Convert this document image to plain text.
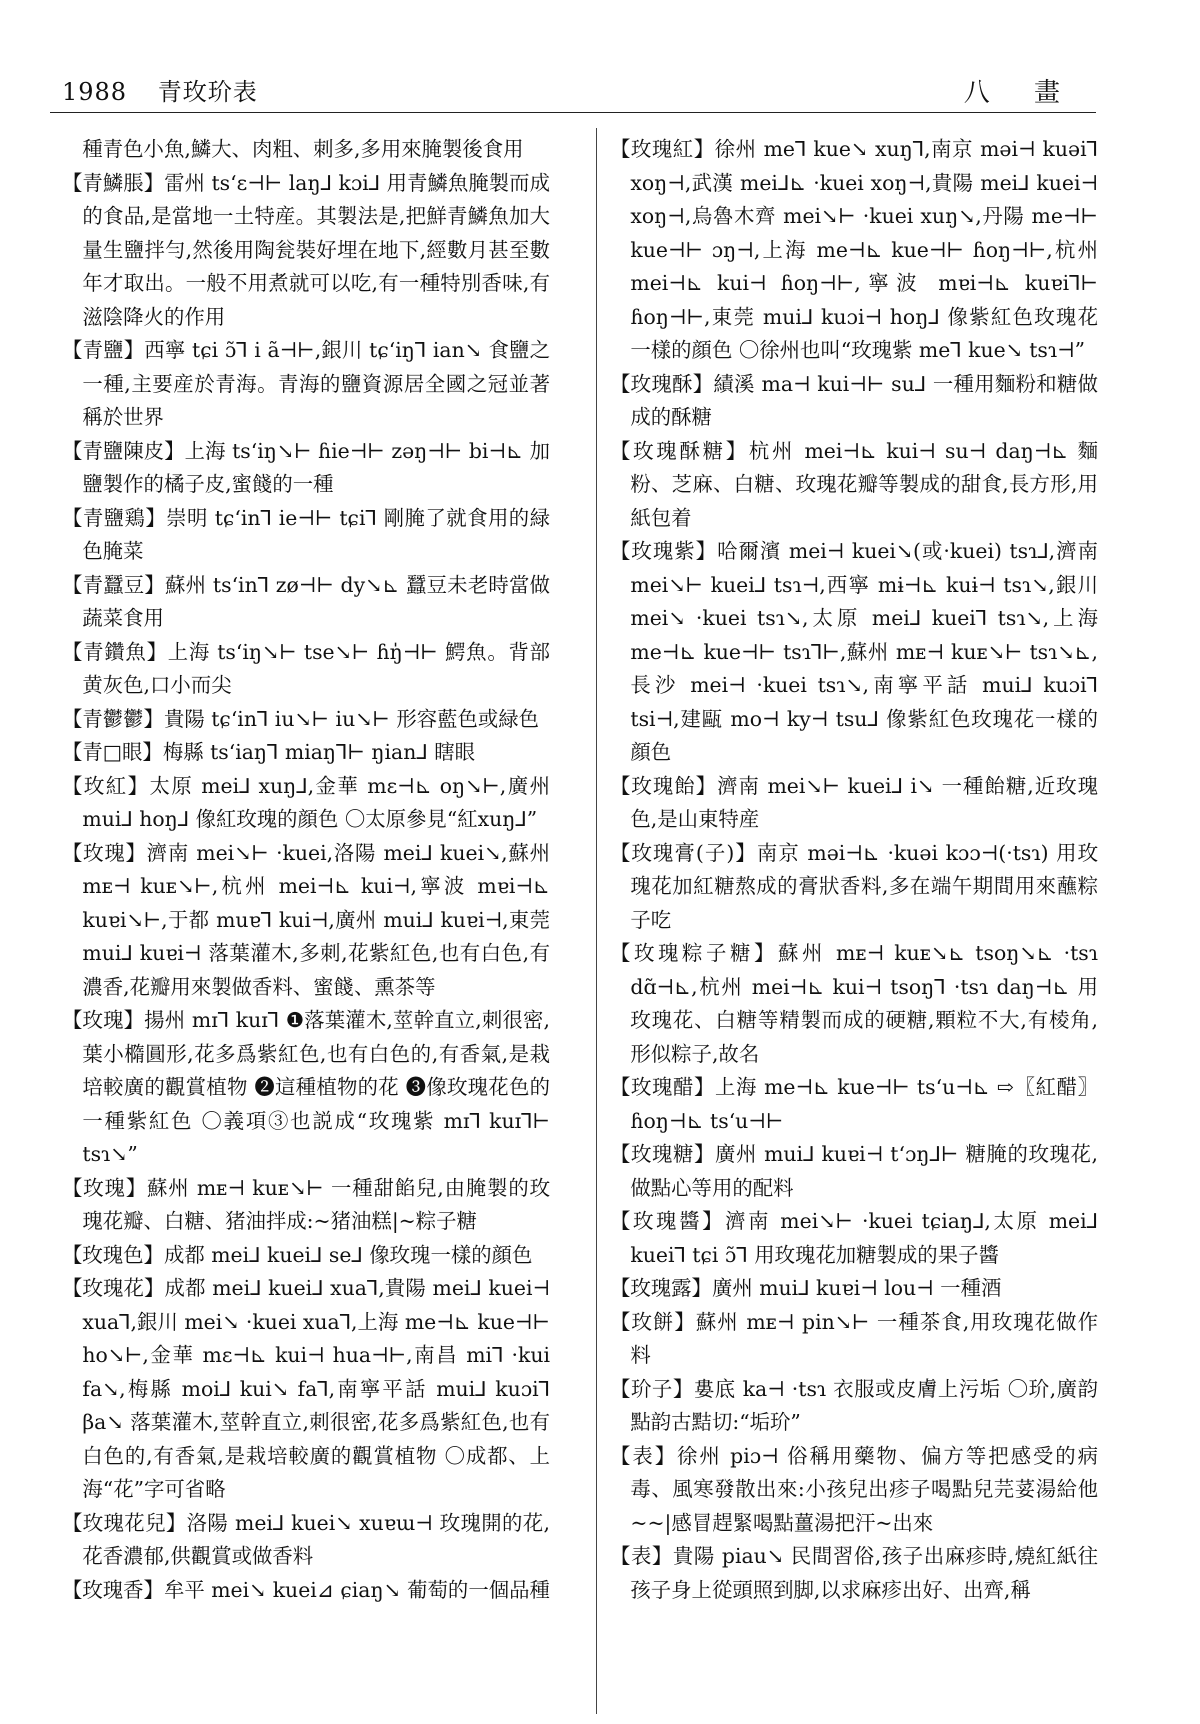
1988 青玫玠表	八 畫

種青色小魚,鱗大、肉粗、刺多,多用來腌製後食用

【青鱗脹】雷州 tsʻɛ⊣⊢ laŋ⅃ kɔi⅃ 用青鱗魚腌製而成的食品,是當地一土特産。其製法是,把鮮青鱗魚加大量生鹽拌勻,然後用陶瓮裝好埋在地下,經數月甚至數年才取出。一般不用煮就可以吃,有一種特別香味,有滋陰降火的作用

【青鹽】西寧 tɕi ɔ̃⅂ i ã⊣⊢,銀川 tɕʻiŋ⅂ ian↘ 食鹽之一種,主要産於青海。青海的鹽資源居全國之冠並著稱於世界

【青鹽陳皮】上海 tsʻiŋ↘⊢ ɦie⊣⊢ zəŋ⊣⊢ bi⊣⊾ 加鹽製作的橘子皮,蜜餞的一種

【青鹽鶏】崇明 tɕʻin⅂ ie⊣⊢ tɕi⅂ 剛腌了就食用的緑色腌菜

【青蠶豆】蘇州 tsʻin⅂ zø⊣⊢ dy↘⊾ 蠶豆未老時當做蔬菜食用

【青鑽魚】上海 tsʻiŋ↘⊢ tse↘⊢ ɦŋ̍⊣⊢ 鰐魚。背部黄灰色,口小而尖

【青鬱鬱】貴陽 tɕʻin⅂ iu↘⊢ iu↘⊢ 形容藍色或緑色

【青□眼】梅縣 tsʻiaŋ⅂ miaŋ⅂⊢ ŋian⅃ 瞎眼

【玫紅】太原 mei⅃ xuŋ⅃,金華 mɛ⊣⊾ oŋ↘⊢,廣州 mui⅃ hoŋ⅃ 像紅玫瑰的顔色 〇太原參見“紅xuŋ⅃”

【玫瑰】濟南 mei↘⊢ ·kuei,洛陽 mei⅃ kuei↘,蘇州 mᴇ⊣ kuᴇ↘⊢,杭州 mei⊣⊾ kui⊣,寧波 mɐi⊣⊾ kuɐi↘⊢,于都 muɐ⅂ kui⊣,廣州 mui⅃ kuɐi⊣,東莞 mui⅃ kuɐi⊣ 落葉灌木,多刺,花紫紅色,也有白色,有濃香,花瓣用來製做香料、蜜餞、熏茶等

【玫瑰】揚州 mɪ⅂ kuɪ⅂ ❶落葉灌木,莖幹直立,刺很密,葉小橢圓形,花多爲紫紅色,也有白色的,有香氣,是栽培較廣的觀賞植物 ❷這種植物的花 ❸像玫瑰花色的一種紫紅色 〇義項③也説成“玫瑰紫 mɪ⅂ kuɪ⅂⊢ tsɿ↘”

【玫瑰】蘇州 mᴇ⊣ kuᴇ↘⊢ 一種甜餡兒,由腌製的玫瑰花瓣、白糖、猪油拌成:~猪油糕|~粽子糖

【玫瑰色】成都 mei⅃ kuei⅃ se⅃ 像玫瑰一樣的顔色

【玫瑰花】成都 mei⅃ kuei⅃ xua⅂,貴陽 mei⅃ kuei⊣ xua⅂,銀川 mei↘ ·kuei xua⅂,上海 me⊣⊾ kue⊣⊢ ho↘⊢,金華 mɛ⊣⊾ kui⊣ hua⊣⊢,南昌 mi⅂ ·kui fa↘,梅縣 moi⅃ kui↘ fa⅂,南寧平話 mui⅃ kuɔi⅂ βa↘ 落葉灌木,莖幹直立,刺很密,花多爲紫紅色,也有白色的,有香氣,是栽培較廣的觀賞植物 〇成都、上海“花”字可省略

【玫瑰花兒】洛陽 mei⅃ kuei↘ xuɐɯ⊣ 玫瑰開的花,花香濃郁,供觀賞或做香料

【玫瑰香】牟平 mei↘ kuei⊿ ɕiaŋ↘ 葡萄的一個品種

【玫瑰紅】徐州 me⅂ kue↘ xuŋ⅂,南京 məi⊣ kuəi⅂ xoŋ⊣,武漢 mei⅃⊾ ·kuei xoŋ⊣,貴陽 mei⅃ kuei⊣ xoŋ⊣,烏魯木齊 mei↘⊢ ·kuei xuŋ↘,丹陽 me⊣⊢ kue⊣⊢ ɔŋ⊣,上海 me⊣⊾ kue⊣⊢ ɦoŋ⊣⊢,杭州 mei⊣⊾ kui⊣ ɦoŋ⊣⊢,寧波 mɐi⊣⊾ kuɐi⅂⊢ ɦoŋ⊣⊢,東莞 mui⅃ kuɔi⊣ hoŋ⅃ 像紫紅色玫瑰花一樣的顔色 〇徐州也叫“玫瑰紫 me⅂ kue↘ tsɿ⊣”

【玫瑰酥】績溪 ma⊣ kui⊣⊢ su⅃ 一種用麵粉和糖做成的酥糖

【玫瑰酥糖】杭州 mei⊣⊾ kui⊣ su⊣ daŋ⊣⊾ 麵粉、芝麻、白糖、玫瑰花瓣等製成的甜食,長方形,用紙包着

【玫瑰紫】哈爾濱 mei⊣ kuei↘(或·kuei) tsɿ⅃,濟南 mei↘⊢ kuei⅃ tsɿ⊣,西寧 mɨ⊣⊾ kuɨ⊣ tsɿ↘,銀川 mei↘ ·kuei tsɿ↘,太原 mei⅃ kuei⅂ tsɿ↘,上海 me⊣⊾ kue⊣⊢ tsɿ⅂⊢,蘇州 mᴇ⊣ kuᴇ↘⊢ tsɿ↘⊾,長沙 mei⊣ ·kuei tsɿ↘,南寧平話 mui⅃ kuɔi⅂ tsi⊣,建甌 mo⊣ ky⊣ tsu⅃ 像紫紅色玫瑰花一樣的顔色

【玫瑰飴】濟南 mei↘⊢ kuei⅃ i↘ 一種飴糖,近玫瑰色,是山東特産

【玫瑰膏(子)】南京 məi⊣⊾ ·kuəi kɔɔ⊣(·tsɿ) 用玫瑰花加紅糖熬成的膏狀香料,多在端午期間用來蘸粽子吃

【玫瑰粽子糖】蘇州 mᴇ⊣ kuᴇ↘⊾ tsoŋ↘⊾ ·tsɿ dɑ̃⊣⊾,杭州 mei⊣⊾ kui⊣ tsoŋ⅂ ·tsɿ daŋ⊣⊾ 用玫瑰花、白糖等精製而成的硬糖,顆粒不大,有棱角,形似粽子,故名

【玫瑰醋】上海 me⊣⊾ kue⊣⊢ tsʻu⊣⊾ ⇨〖紅醋〗ɦoŋ⊣⊾ tsʻu⊣⊢

【玫瑰糖】廣州 mui⅃ kuɐi⊣ tʻɔŋ⅃⊢ 糖腌的玫瑰花,做點心等用的配料

【玫瑰醬】濟南 mei↘⊢ ·kuei tɕiaŋ⅃,太原 mei⅃ kuei⅂ tɕi ɔ̃⅂ 用玫瑰花加糖製成的果子醬

【玫瑰露】廣州 mui⅃ kuɐi⊣ lou⊣ 一種酒

【玫餅】蘇州 mᴇ⊣ pin↘⊢ 一種茶食,用玫瑰花做作料

【玠子】婁底 ka⊣ ·tsɿ 衣服或皮膚上污垢 〇玠,廣韵點韵古黠切:“垢玠”

【表】徐州 piɔ⊣ 俗稱用藥物、偏方等把感受的病毒、風寒發散出來:小孩兒出疹子喝點兒芫荽湯給他~~|感冒趕緊喝點薑湯把汗~出來

【表】貴陽 piau↘ 民間習俗,孩子出麻疹時,燒紅紙往孩子身上從頭照到脚,以求麻疹出好、出齊,稱
